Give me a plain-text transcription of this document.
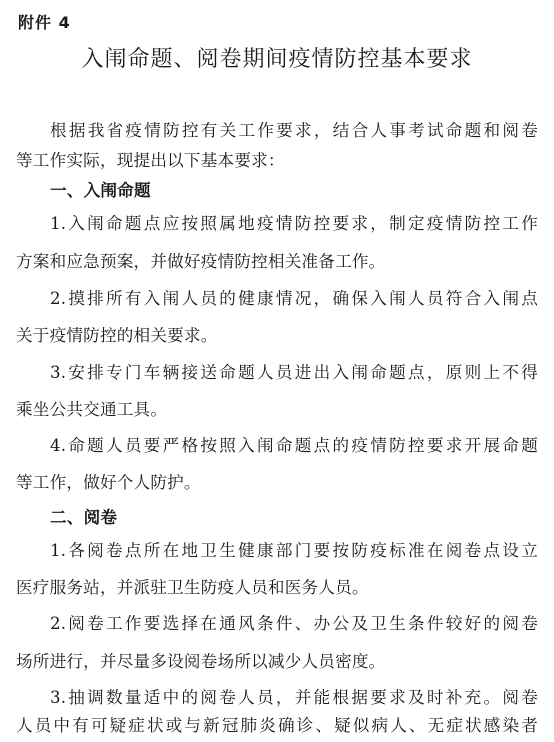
附件 4
入闱命题、阅卷期间疫情防控基本要求
根据我省疫情防控有关工作要求，结合人事考试命题和阅卷
等工作实际，现提出以下基本要求：
一、入闱命题
1.入闱命题点应按照属地疫情防控要求，制定疫情防控工作
方案和应急预案，并做好疫情防控相关准备工作。
2.摸排所有入闱人员的健康情况，确保入闱人员符合入闱点
关于疫情防控的相关要求。
3.安排专门车辆接送命题人员进出入闱命题点，原则上不得
乘坐公共交通工具。
4.命题人员要严格按照入闱命题点的疫情防控要求开展命题
等工作，做好个人防护。
二、阅卷
1.各阅卷点所在地卫生健康部门要按防疫标准在阅卷点设立
医疗服务站，并派驻卫生防疫人员和医务人员。
2.阅卷工作要选择在通风条件、办公及卫生条件较好的阅卷
场所进行，并尽量多设阅卷场所以减少人员密度。
3.抽调数量适中的阅卷人员，并能根据要求及时补充。阅卷
人员中有可疑症状或与新冠肺炎确诊、疑似病人、无症状感染者
